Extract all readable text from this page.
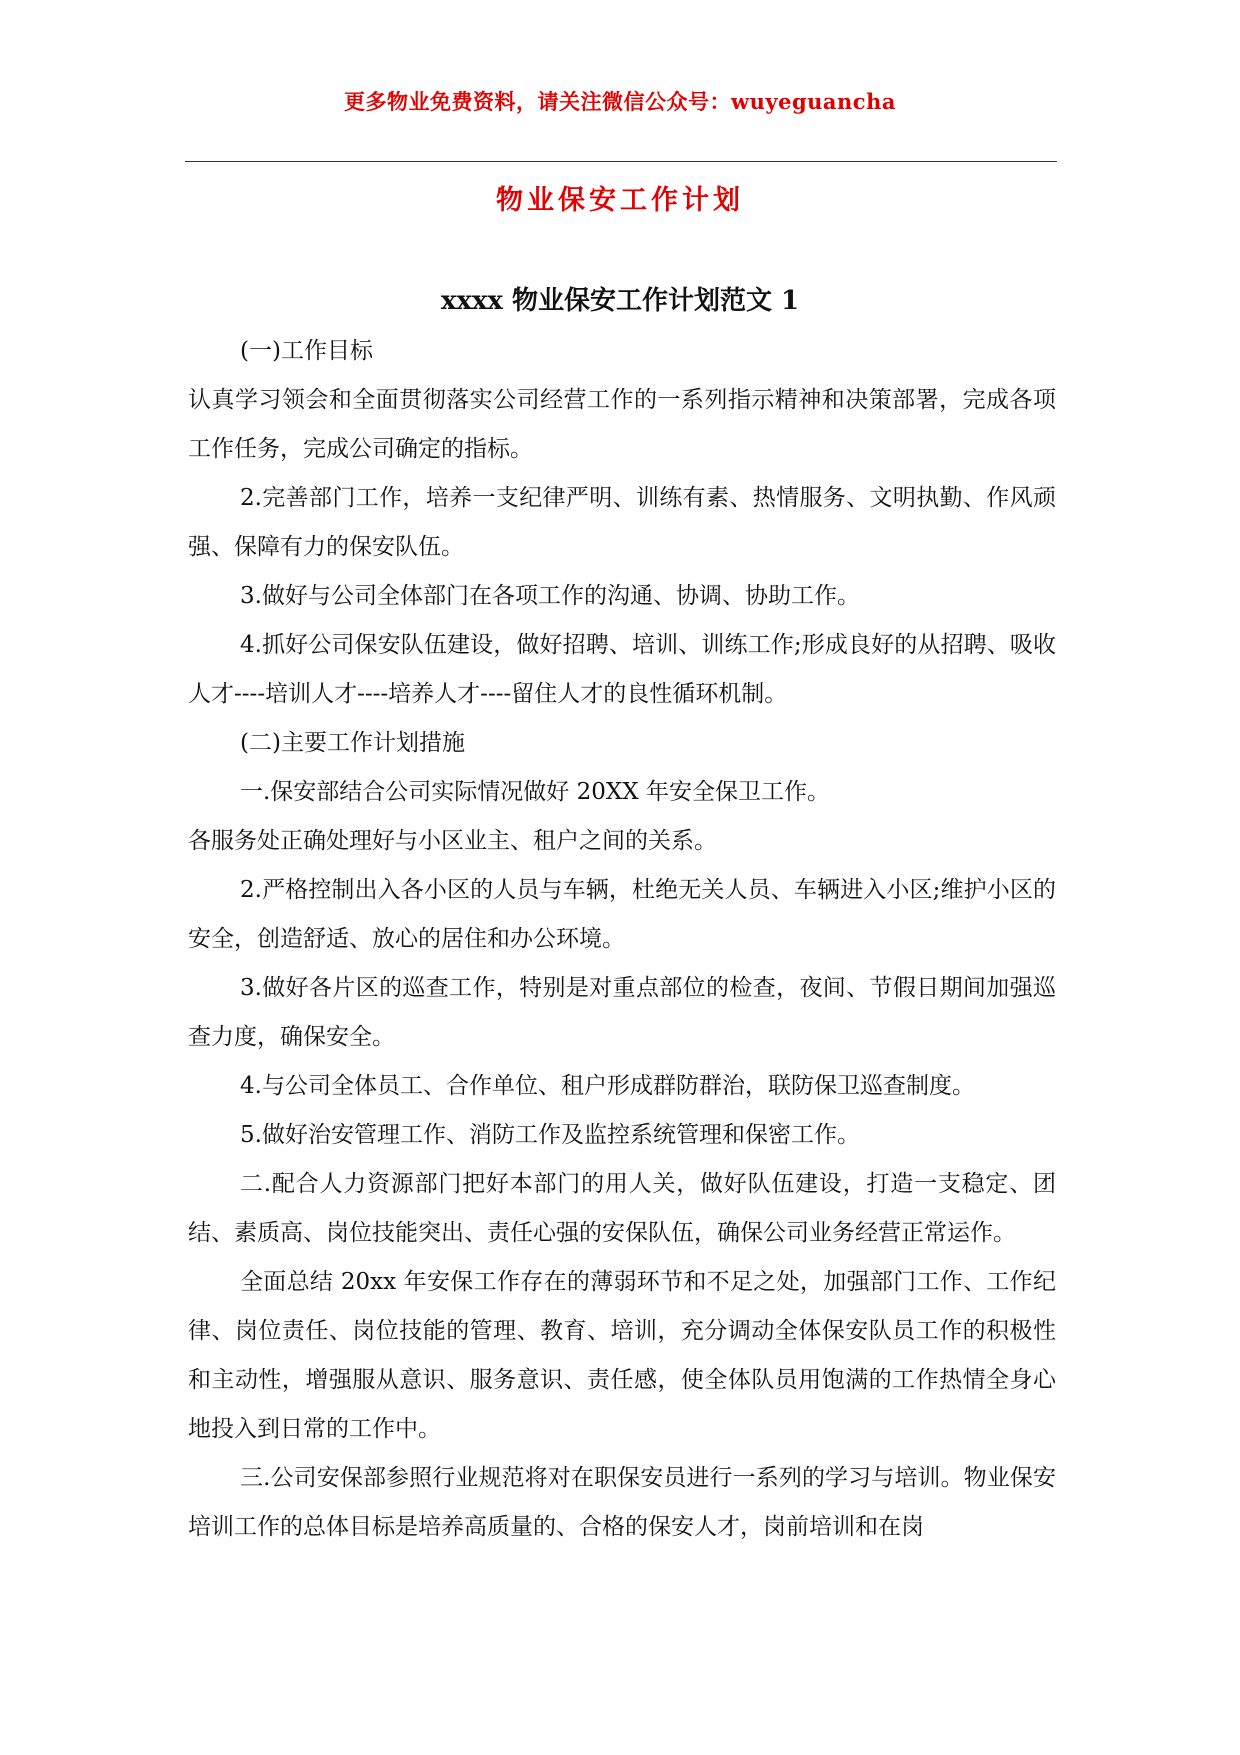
更多物业免费资料，请关注微信公众号：wuyeguancha
物业保安工作计划
xxxx 物业保安工作计划范文 1

(一)工作目标

认真学习领会和全面贯彻落实公司经营工作的一系列指示精神和决策部署，完成各项工作任务，完成公司确定的指标。

2.完善部门工作，培养一支纪律严明、训练有素、热情服务、文明执勤、作风顽强、保障有力的保安队伍。

3.做好与公司全体部门在各项工作的沟通、协调、协助工作。

4.抓好公司保安队伍建设，做好招聘、培训、训练工作;形成良好的从招聘、吸收人才----培训人才----培养人才----留住人才的良性循环机制。

(二)主要工作计划措施

一.保安部结合公司实际情况做好 20XX 年安全保卫工作。

各服务处正确处理好与小区业主、租户之间的关系。

2.严格控制出入各小区的人员与车辆，杜绝无关人员、车辆进入小区;维护小区的安全，创造舒适、放心的居住和办公环境。

3.做好各片区的巡查工作，特别是对重点部位的检查，夜间、节假日期间加强巡查力度，确保安全。

4.与公司全体员工、合作单位、租户形成群防群治，联防保卫巡查制度。

5.做好治安管理工作、消防工作及监控系统管理和保密工作。

二.配合人力资源部门把好本部门的用人关，做好队伍建设，打造一支稳定、团结、素质高、岗位技能突出、责任心强的安保队伍，确保公司业务经营正常运作。

全面总结 20xx 年安保工作存在的薄弱环节和不足之处，加强部门工作、工作纪律、岗位责任、岗位技能的管理、教育、培训，充分调动全体保安队员工作的积极性和主动性，增强服从意识、服务意识、责任感，使全体队员用饱满的工作热情全身心地投入到日常的工作中。

三.公司安保部参照行业规范将对在职保安员进行一系列的学习与培训。物业保安培训工作的总体目标是培养高质量的、合格的保安人才，岗前培训和在岗
